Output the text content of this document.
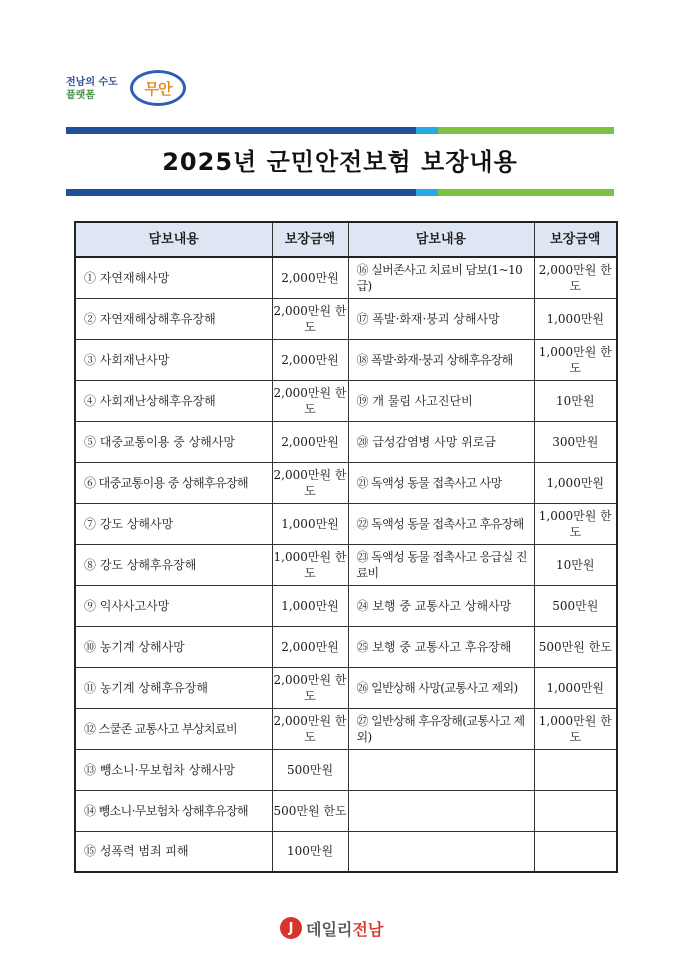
전남의 수도
플랫폼	무안
2025년 군민안전보험 보장내용
담보내용	보장금액	담보내용	보장금액
① 자연재해사망	2,000만원	⑯ 실버존사고 치료비 담보(1~10급)	2,000만원 한도
② 자연재해상해후유장해	2,000만원 한도	⑰ 폭발·화재·붕괴 상해사망	1,000만원
③ 사회재난사망	2,000만원	⑱ 폭발·화재·붕괴 상해후유장해	1,000만원 한도
④ 사회재난상해후유장해	2,000만원 한도	⑲ 개 물림 사고진단비	10만원
⑤ 대중교통이용 중 상해사망	2,000만원	⑳ 급성감염병 사망 위로금	300만원
⑥ 대중교통이용 중 상해후유장해	2,000만원 한도	㉑ 독액성 동물 접촉사고 사망	1,000만원
⑦ 강도 상해사망	1,000만원	㉒ 독액성 동물 접촉사고 후유장해	1,000만원 한도
⑧ 강도 상해후유장해	1,000만원 한도	㉓ 독액성 동물 접촉사고 응급실 진료비	10만원
⑨ 익사사고사망	1,000만원	㉔ 보행 중 교통사고 상해사망	500만원
⑩ 농기계 상해사망	2,000만원	㉕ 보행 중 교통사고 후유장해	500만원 한도
⑪ 농기계 상해후유장해	2,000만원 한도	㉖ 일반상해 사망(교통사고 제외)	1,000만원
⑫ 스쿨존 교통사고 부상치료비	2,000만원 한도	㉗ 일반상해 후유장해(교통사고 제외)	1,000만원 한도
⑬ 뺑소니·무보험차 상해사망	500만원		
⑭ 뺑소니·무보험차 상해후유장해	500만원 한도		
⑮ 성폭력 범죄 피해	100만원		
J 데일리전남
